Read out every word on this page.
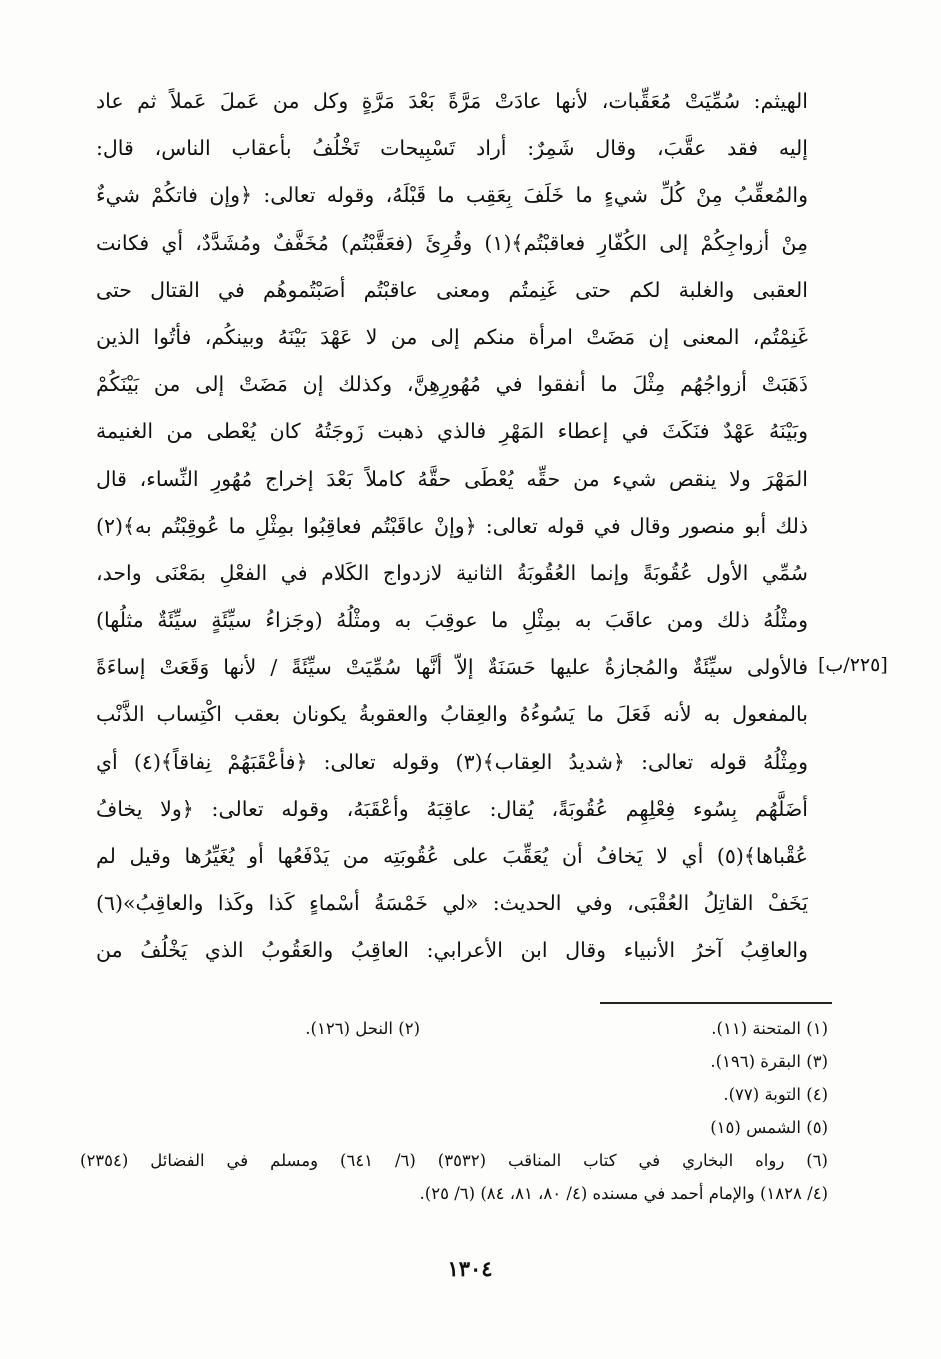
الهيثم: سُمِّيَتْ مُعَقِّبات، لأنها عادَتْ مَرَّةً بَعْدَ مَرَّةٍ وكل من عَملَ عَملاً ثم عاد
إليه فقد عقَّبَ، وقال شَمِرٌ: أراد تَسْبِيحات تَخْلُفُ بأعقاب الناس، قال:
والمُعقِّبُ مِنْ كُلِّ شيءٍ ما خَلَفَ بِعَقِب ما قَبْلَهُ، وقوله تعالى: ﴿وإن فاتكُمْ شيءٌ
مِنْ أزواجِكُمْ إلى الكُفّارِ فعاقبْتُم﴾(١) وقُرِئَ (فعَقَّبْتُم) مُخَفَّفٌ ومُشَدَّدٌ، أي فكانت
العقبى والغلبة لكم حتى غَنِمتُم ومعنى عاقبْتُم أصَبْتُموهُم في القتال حتى
غَنِمْتُم، المعنى إن مَضَتْ امرأة منكم إلى من لا عَهْدَ بَيْنَهُ وبينكُم، فأتُوا الذين
ذَهَبَتْ أزواجُهُم مِثْلَ ما أنفقوا في مُهُورِهِنَّ، وكذلك إن مَضَتْ إلى من بَيْنَكُمْ
وبَيْنَهُ عَهْدٌ فنَكَثَ في إعطاء المَهْرِ فالذي ذهبت زَوجَتُهُ كان يُعْطى من الغنيمة
المَهْرَ ولا ينقص شيء من حقِّه يُعْطَى حقَّهُ كاملاً بَعْدَ إخراج مُهُورِ النِّساء، قال
ذلك أبو منصور وقال في قوله تعالى: ﴿وإنْ عاقَبْتُم فعاقِبُوا بمِثْلِ ما عُوقِبْتُم به﴾(٢)
سُمِّي الأول عُقُوبَةً وإنما العُقُوبَةُ الثانية لازدواج الكَلام في الفعْلِ بمَعْنَى واحد،
ومثْلُهُ ذلك ومن عاقَبَ به بمِثْلِ ما عوقِبَ به ومثْلُهُ (وجَزاءُ سيِّئَةٍ سيِّئَةٌ مثلُها)
فالأولى سيِّئَةٌ والمُجازةُ عليها حَسَنَةٌ إلاّ أنَّها سُمِّيَتْ سيِّئَةً / لأنها وَقَعَتْ إساءَةً
بالمفعول به لأنه فَعَلَ ما يَسُوءُهُ والعِقابُ والعقوبةُ يكونان بعقب اكْتِساب الذَّنْب
ومِثْلُهُ قوله تعالى: ﴿شديدُ العِقاب﴾(٣) وقوله تعالى: ﴿فأعْقَبَهُمْ نِفاقاً﴾(٤) أي
أضَلَّهُم بِسُوء فِعْلِهِم عُقُوبَةً، يُقال: عاقِبَهُ وأعْقَبَهُ، وقوله تعالى: ﴿ولا يخافُ
عُقْباها﴾(٥) أي لا يَخافُ أن يُعَقِّبَ على عُقُوبَتِه من يَدْفَعُها أو يُغَيِّرُها وقيل لم
يَخَفْ القاتِلُ العُقْبَى، وفي الحديث: «لي خَمْسَةُ أسْماءٍ كَذا وكَذا والعاقِبُ»(٦)
والعاقِبُ آخرُ الأنبياء وقال ابن الأعرابي: العاقِبُ والعَقُوبُ الذي يَخْلُفُ من
[٢٢٥/ب]
(١) المتحنة (١١).
(٢) النحل (١٢٦).
(٣) البقرة (١٩٦).
(٤) التوبة (٧٧).
(٥) الشمس (١٥)
(٦) رواه البخاري في كتاب المناقب (٣٥٣٢) (٦/ ٦٤١) ومسلم في الفضائل (٢٣٥٤)
(٤/ ١٨٢٨) والإمام أحمد في مسنده (٤/ ٨٠، ٨١، ٨٤) (٦/ ٢٥).
١٣٠٤
